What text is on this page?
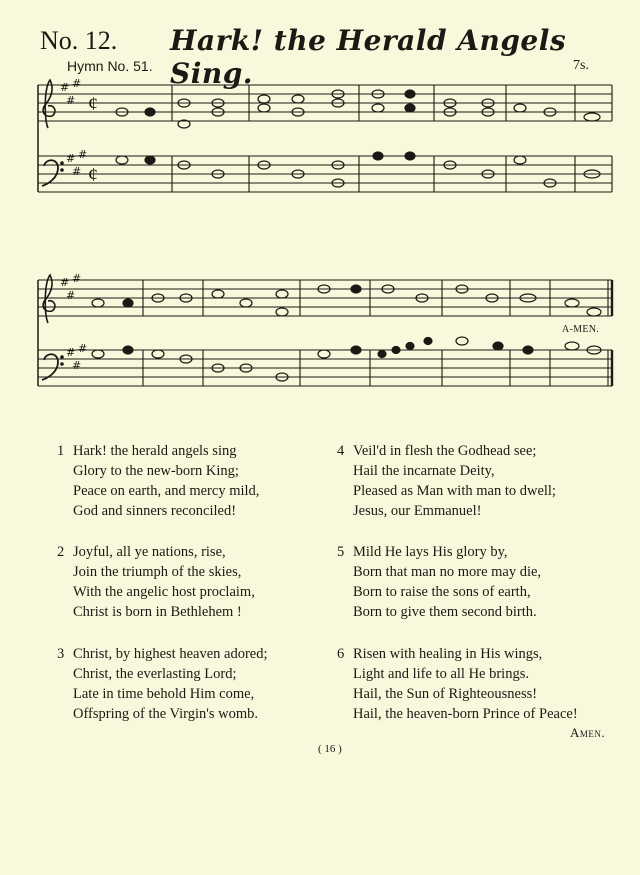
No. 12. Hark! the Herald Angels Sing.
Hymn No. 51.	7s.
#
#
#
#
#
#
¢
¢
#
#
#
#
#
#
A-MEN.
1 Hark! the herald angels sing
Glory to the new-born King;
Peace on earth, and mercy mild,
God and sinners reconciled!
2 Joyful, all ye nations, rise,
Join the triumph of the skies,
With the angelic host proclaim,
Christ is born in Bethlehem !
3 Christ, by highest heaven adored;
Christ, the everlasting Lord;
Late in time behold Him come,
Offspring of the Virgin's womb.
4 Veil'd in flesh the Godhead see;
Hail the incarnate Deity,
Pleased as Man with man to dwell;
Jesus, our Emmanuel!
5 Mild He lays His glory by,
Born that man no more may die,
Born to raise the sons of earth,
Born to give them second birth.
6 Risen with healing in His wings,
Light and life to all He brings.
Hail, the Sun of Righteousness!
Hail, the heaven-born Prince of Peace!
Amen.
( 16 )
